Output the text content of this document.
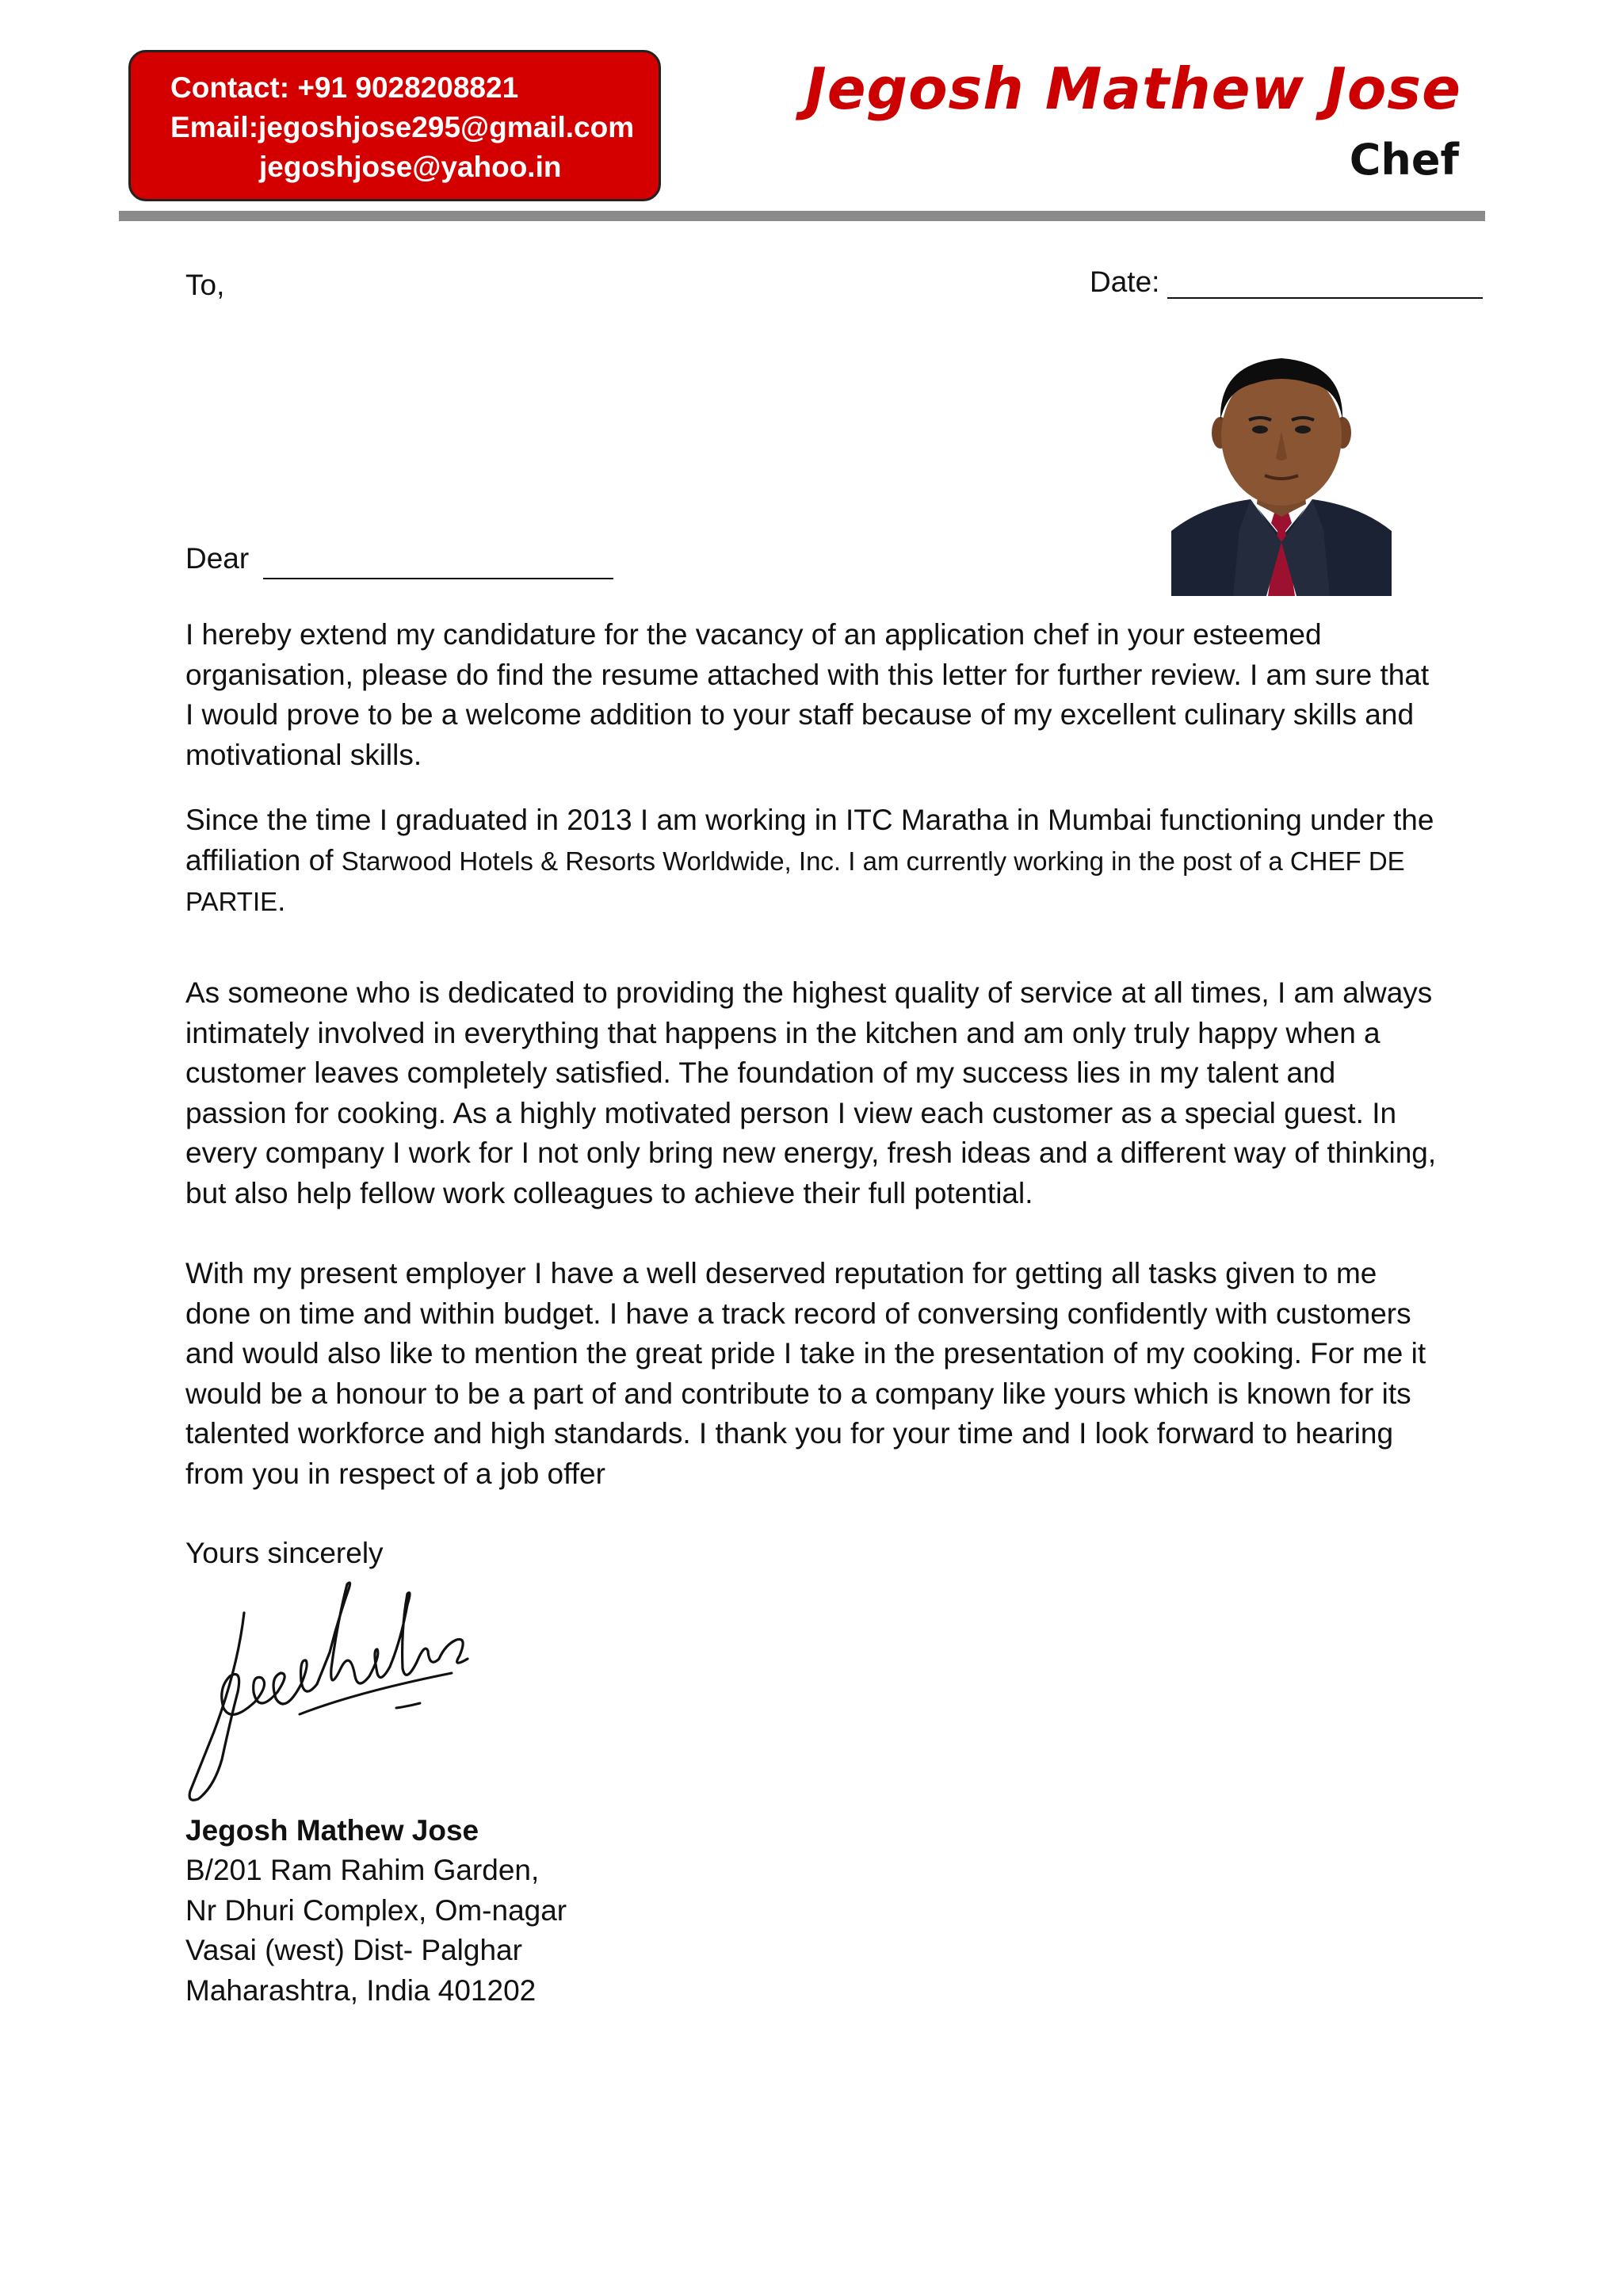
Contact: +91 9028208821
Email:jegoshjose295@gmail.com
jegoshjose@yahoo.in
Jegosh Mathew Jose
Chef
To,	Date:
Dear
I hereby extend my candidature for the vacancy of an application chef in your esteemed organisation, please do find the resume attached with this letter for further review. I am sure that I would prove to be a welcome addition to your staff because of my excellent culinary skills and motivational skills.
Since the time I graduated in 2013 I am working in ITC Maratha in Mumbai functioning under the affiliation of Starwood Hotels & Resorts Worldwide, Inc. I am currently working in the post of a CHEF DE PARTIE.
As someone who is dedicated to providing the highest quality of service at all times, I am always intimately involved in everything that happens in the kitchen and am only truly happy when a customer leaves completely satisfied. The foundation of my success lies in my talent and passion for cooking. As a highly motivated person I view each customer as a special guest. In every company I work for I not only bring new energy, fresh ideas and a different way of thinking, but also help fellow work colleagues to achieve their full potential.
With my present employer I have a well deserved reputation for getting all tasks given to me done on time and within budget. I have a track record of conversing confidently with customers and would also like to mention the great pride I take in the presentation of my cooking. For me it would be a honour to be a part of and contribute to a company like yours which is known for its talented workforce and high standards. I thank you for your time and I look forward to hearing from you in respect of a job offer
Yours sincerely
Jegosh Mathew Jose
B/201 Ram Rahim Garden,
Nr Dhuri Complex, Om-nagar
Vasai (west) Dist- Palghar
Maharashtra, India 401202
